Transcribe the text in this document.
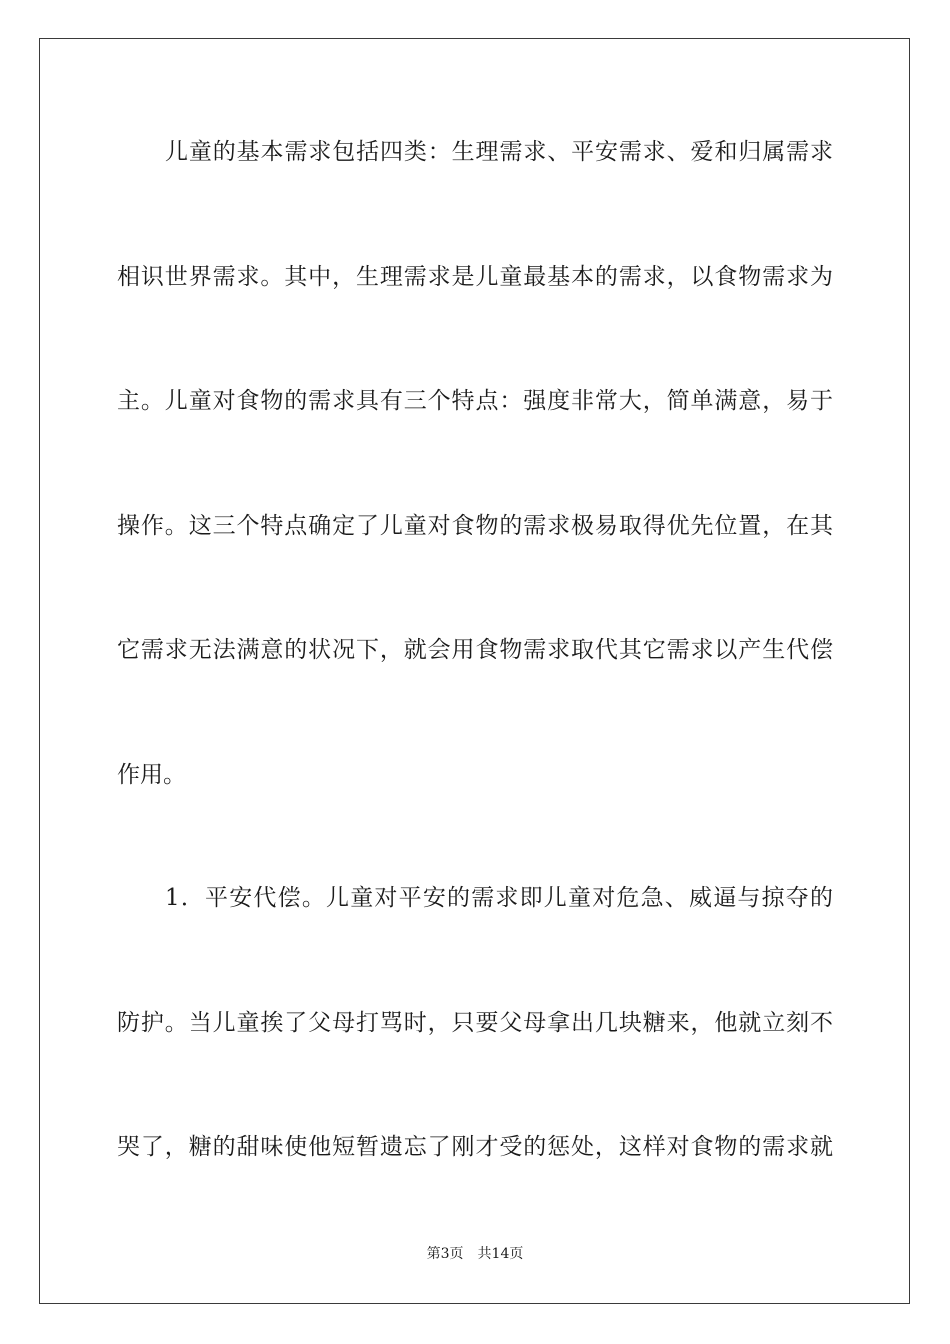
儿童的基本需求包括四类：生理需求、平安需求、爱和归属需求
相识世界需求。其中，生理需求是儿童最基本的需求，以食物需求为
主。儿童对食物的需求具有三个特点：强度非常大，简单满意，易于
操作。这三个特点确定了儿童对食物的需求极易取得优先位置，在其
它需求无法满意的状况下，就会用食物需求取代其它需求以产生代偿
作用。
1．平安代偿。儿童对平安的需求即儿童对危急、威逼与掠夺的
防护。当儿童挨了父母打骂时，只要父母拿出几块糖来，他就立刻不
哭了，糖的甜味使他短暂遗忘了刚才受的惩处，这样对食物的需求就
第3页 共14页
